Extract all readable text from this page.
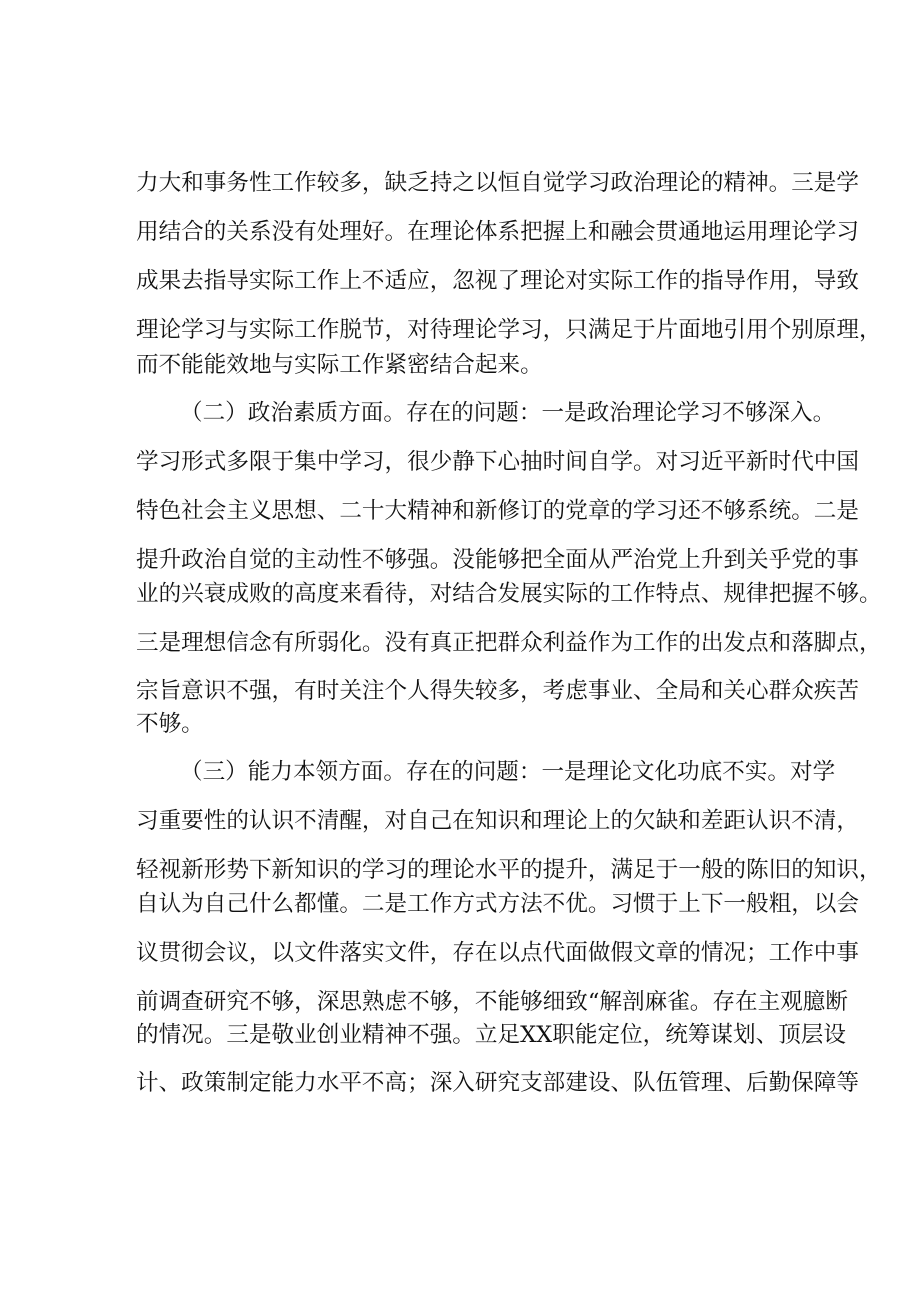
力大和事务性工作较多，缺乏持之以恒自觉学习政治理论的精神。三是学
用结合的关系没有处理好。在理论体系把握上和融会贯通地运用理论学习
成果去指导实际工作上不适应，忽视了理论对实际工作的指导作用，导致
理论学习与实际工作脱节，对待理论学习，只满足于片面地引用个别原理，
而不能能效地与实际工作紧密结合起来。
（二）政治素质方面。存在的问题：一是政治理论学习不够深入。
学习形式多限于集中学习，很少静下心抽时间自学。对习近平新时代中国
特色社会主义思想、二十大精神和新修订的党章的学习还不够系统。二是
提升政治自觉的主动性不够强。没能够把全面从严治党上升到关乎党的事
业的兴衰成败的高度来看待，对结合发展实际的工作特点、规律把握不够。
三是理想信念有所弱化。没有真正把群众利益作为工作的出发点和落脚点，
宗旨意识不强，有时关注个人得失较多，考虑事业、全局和关心群众疾苦
不够。
（三）能力本领方面。存在的问题：一是理论文化功底不实。对学
习重要性的认识不清醒，对自己在知识和理论上的欠缺和差距认识不清，
轻视新形势下新知识的学习的理论水平的提升，满足于一般的陈旧的知识，
自认为自己什么都懂。二是工作方式方法不优。习惯于上下一般粗，以会
议贯彻会议，以文件落实文件，存在以点代面做假文章的情况；工作中事
前调查研究不够，深思熟虑不够，不能够细致“解剖麻雀。存在主观臆断
的情况。三是敬业创业精神不强。立足XX职能定位，统筹谋划、顶层设
计、政策制定能力水平不高；深入研究支部建设、队伍管理、后勤保障等
